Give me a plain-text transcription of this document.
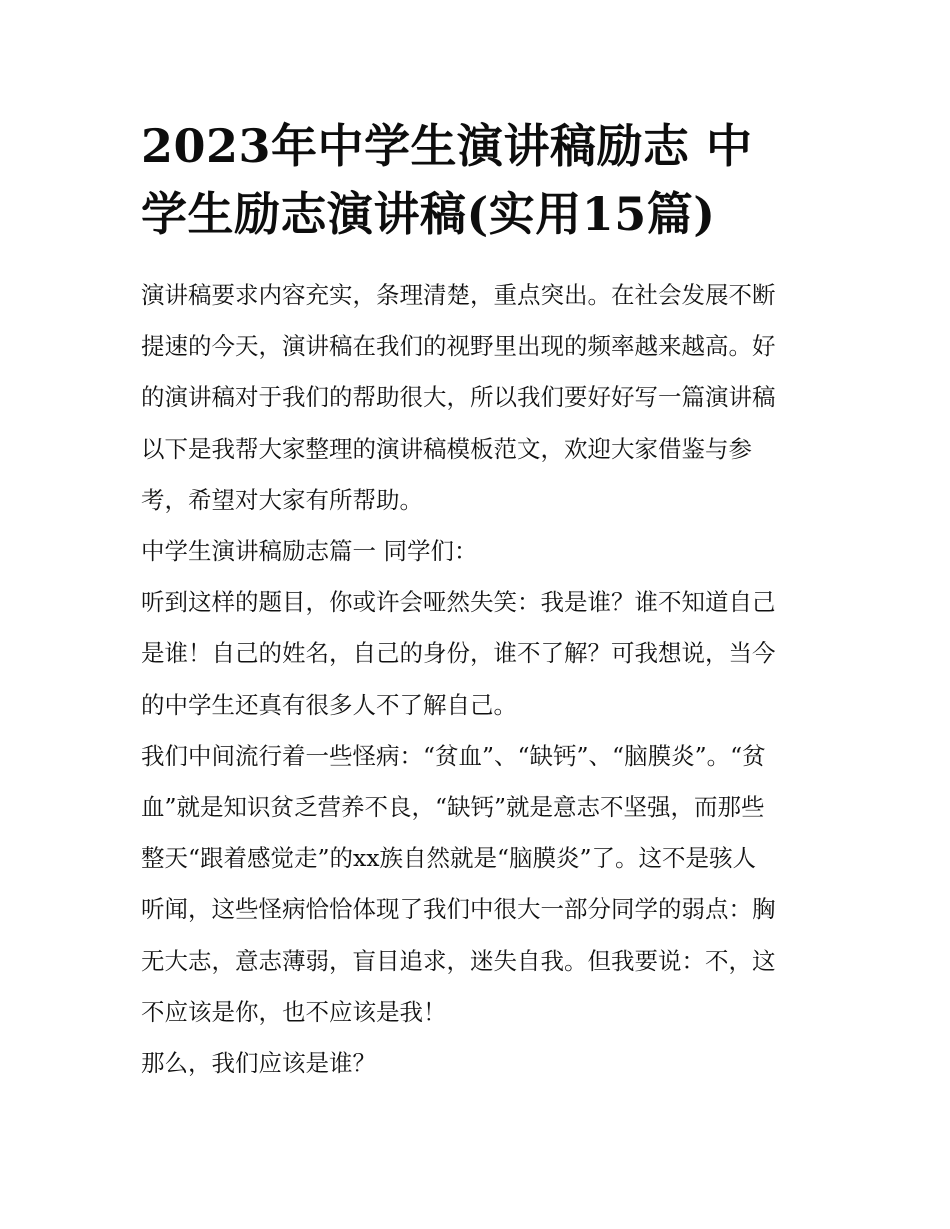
2023年中学生演讲稿励志 中
学生励志演讲稿(实用15篇)

演讲稿要求内容充实，条理清楚，重点突出。在社会发展不断
提速的今天，演讲稿在我们的视野里出现的频率越来越高。好
的演讲稿对于我们的帮助很大，所以我们要好好写一篇演讲稿
以下是我帮大家整理的演讲稿模板范文，欢迎大家借鉴与参
考，希望对大家有所帮助。

中学生演讲稿励志篇一 同学们：

听到这样的题目，你或许会哑然失笑：我是谁？谁不知道自己
是谁！自己的姓名，自己的身份，谁不了解？可我想说，当今
的中学生还真有很多人不了解自己。

我们中间流行着一些怪病：“贫血”、“缺钙”、“脑膜炎”。“贫
血”就是知识贫乏营养不良，“缺钙”就是意志不坚强，而那些
整天“跟着感觉走”的xx族自然就是“脑膜炎”了。这不是骇人
听闻，这些怪病恰恰体现了我们中很大一部分同学的弱点：胸
无大志，意志薄弱，盲目追求，迷失自我。但我要说：不，这
不应该是你，也不应该是我！

那么，我们应该是谁？
